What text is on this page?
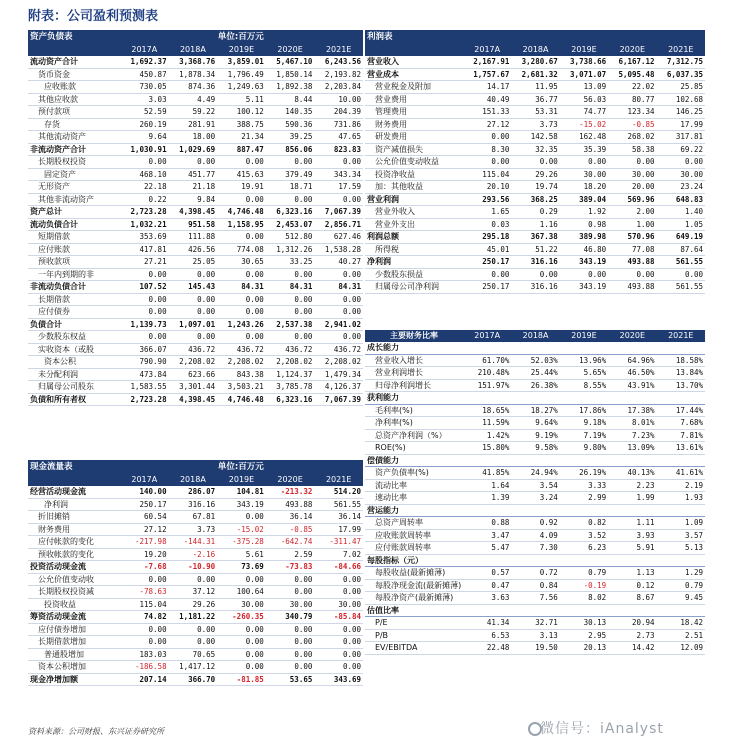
附表：公司盈利预测表
资产负债表	单位:百万元				
	2017A	2018A	2019E	2020E	2021E
流动资产合计	1,692.37	3,368.76	3,859.01	5,467.10	6,243.56
货币资金	450.87	1,878.34	1,796.49	1,850.14	2,193.82
应收账款	730.05	874.36	1,249.63	1,892.38	2,203.84
其他应收款	3.03	4.49	5.11	8.44	10.00
预付款项	52.59	59.22	100.12	140.35	204.39
存货	260.19	281.91	388.75	590.36	731.86
其他流动资产	9.64	18.00	21.34	39.25	47.65
非流动资产合计	1,030.91	1,029.69	887.47	856.06	823.83
长期股权投资	0.00	0.00	0.00	0.00	0.00
固定资产	468.10	451.77	415.63	379.49	343.34
无形资产	22.18	21.18	19.91	18.71	17.59
其他非流动资产	0.22	9.84	0.00	0.00	0.00
资产总计	2,723.28	4,398.45	4,746.48	6,323.16	7,067.39
流动负债合计	1,032.21	951.58	1,158.95	2,453.07	2,856.71
短期借款	353.69	111.88	0.00	512.80	627.46
应付账款	417.81	426.56	774.08	1,312.26	1,538.28
预收款项	27.21	25.05	30.65	33.25	40.27
一年内到期的非	0.00	0.00	0.00	0.00	0.00
非流动负债合计	107.52	145.43	84.31	84.31	84.31
长期借款	0.00	0.00	0.00	0.00	0.00
应付债券	0.00	0.00	0.00	0.00	0.00
负债合计	1,139.73	1,097.01	1,243.26	2,537.38	2,941.02
少数股东权益	0.00	0.00	0.00	0.00	0.00
实收资本（或股	366.07	436.72	436.72	436.72	436.72
资本公积	790.90	2,208.02	2,208.02	2,208.02	2,208.02
未分配利润	473.84	623.66	843.38	1,124.37	1,479.34
归属母公司股东	1,583.55	3,301.44	3,503.21	3,785.78	4,126.37
负债和所有者权	2,723.28	4,398.45	4,746.48	6,323.16	7,067.39
利润表					
	2017A	2018A	2019E	2020E	2021E
营业收入	2,167.91	3,280.67	3,738.66	6,167.12	7,312.75
营业成本	1,757.67	2,681.32	3,071.07	5,095.48	6,037.35
营业税金及附加	14.17	11.95	13.09	22.02	25.85
营业费用	40.49	36.77	56.03	80.77	102.68
管理费用	151.33	53.31	74.77	123.34	146.25
财务费用	27.12	3.73	-15.02	-0.85	17.99
研发费用	0.00	142.58	162.48	268.02	317.81
资产减值损失	8.30	32.35	35.39	58.38	69.22
公允价值变动收益	0.00	0.00	0.00	0.00	0.00
投资净收益	115.04	29.26	30.00	30.00	30.00
加：其他收益	20.10	19.74	18.20	20.00	23.24
营业利润	293.56	368.25	389.04	569.96	648.83
营业外收入	1.65	0.29	1.92	2.00	1.40
营业外支出	0.03	1.16	0.98	1.00	1.05
利润总额	295.18	367.38	389.98	570.96	649.19
所得税	45.01	51.22	46.80	77.08	87.64
净利润	250.17	316.16	343.19	493.88	561.55
少数股东损益	0.00	0.00	0.00	0.00	0.00
归属母公司净利润	250.17	316.16	343.19	493.88	561.55
主要财务比率	2017A	2018A	2019E	2020E	2021E
成长能力					
营业收入增长	61.70%	52.03%	13.96%	64.96%	18.58%
营业利润增长	210.48%	25.44%	5.65%	46.50%	13.84%
归母净利润增长	151.97%	26.38%	8.55%	43.91%	13.70%
获利能力					
毛利率(%)	18.65%	18.27%	17.86%	17.38%	17.44%
净利率(%)	11.59%	9.64%	9.18%	8.01%	7.68%
总资产净利润（%）	1.42%	9.19%	7.19%	7.23%	7.81%
ROE(%)	15.80%	9.58%	9.80%	13.09%	13.61%
偿债能力					
资产负债率(%)	41.85%	24.94%	26.19%	40.13%	41.61%
流动比率	1.64	3.54	3.33	2.23	2.19
速动比率	1.39	3.24	2.99	1.99	1.93
营运能力					
总资产周转率	0.88	0.92	0.82	1.11	1.09
应收账款周转率	3.47	4.09	3.52	3.93	3.57
应付账款周转率	5.47	7.30	6.23	5.91	5.13
每股指标（元）					
每股收益(最新摊薄)	0.57	0.72	0.79	1.13	1.29
每股净现金流(最新摊薄)	0.47	0.84	-0.19	0.12	0.79
每股净资产(最新摊薄)	3.63	7.56	8.02	8.67	9.45
估值比率					
P/E	41.34	32.71	30.13	20.94	18.42
P/B	6.53	3.13	2.95	2.73	2.51
EV/EBITDA	22.48	19.50	20.13	14.42	12.09
现金流量表	单位:百万元				
	2017A	2018A	2019E	2020E	2021E
经营活动现金流	140.00	286.07	104.81	-213.32	514.20
净利润	250.17	316.16	343.19	493.88	561.55
折旧摊销	60.54	67.81	0.00	36.14	36.14
财务费用	27.12	3.73	-15.02	-0.85	17.99
应付帐款的变化	-217.98	-144.31	-375.28	-642.74	-311.47
预收帐款的变化	19.20	-2.16	5.61	2.59	7.02
投资活动现金流	-7.68	-10.90	73.69	-73.83	-84.66
公允价值变动收	0.00	0.00	0.00	0.00	0.00
长期股权投资减	-78.63	37.12	100.64	0.00	0.00
投资收益	115.04	29.26	30.00	30.00	30.00
筹资活动现金流	74.82	1,181.22	-260.35	340.79	-85.84
应付债券增加	0.00	0.00	0.00	0.00	0.00
长期借款增加	0.00	0.00	0.00	0.00	0.00
普通股增加	183.03	70.65	0.00	0.00	0.00
资本公积增加	-186.58	1,417.12	0.00	0.00	0.00
现金净增加额	207.14	366.70	-81.85	53.65	343.69
资料来源：公司财报、东兴证券研究所	微信号：iAnalyst
